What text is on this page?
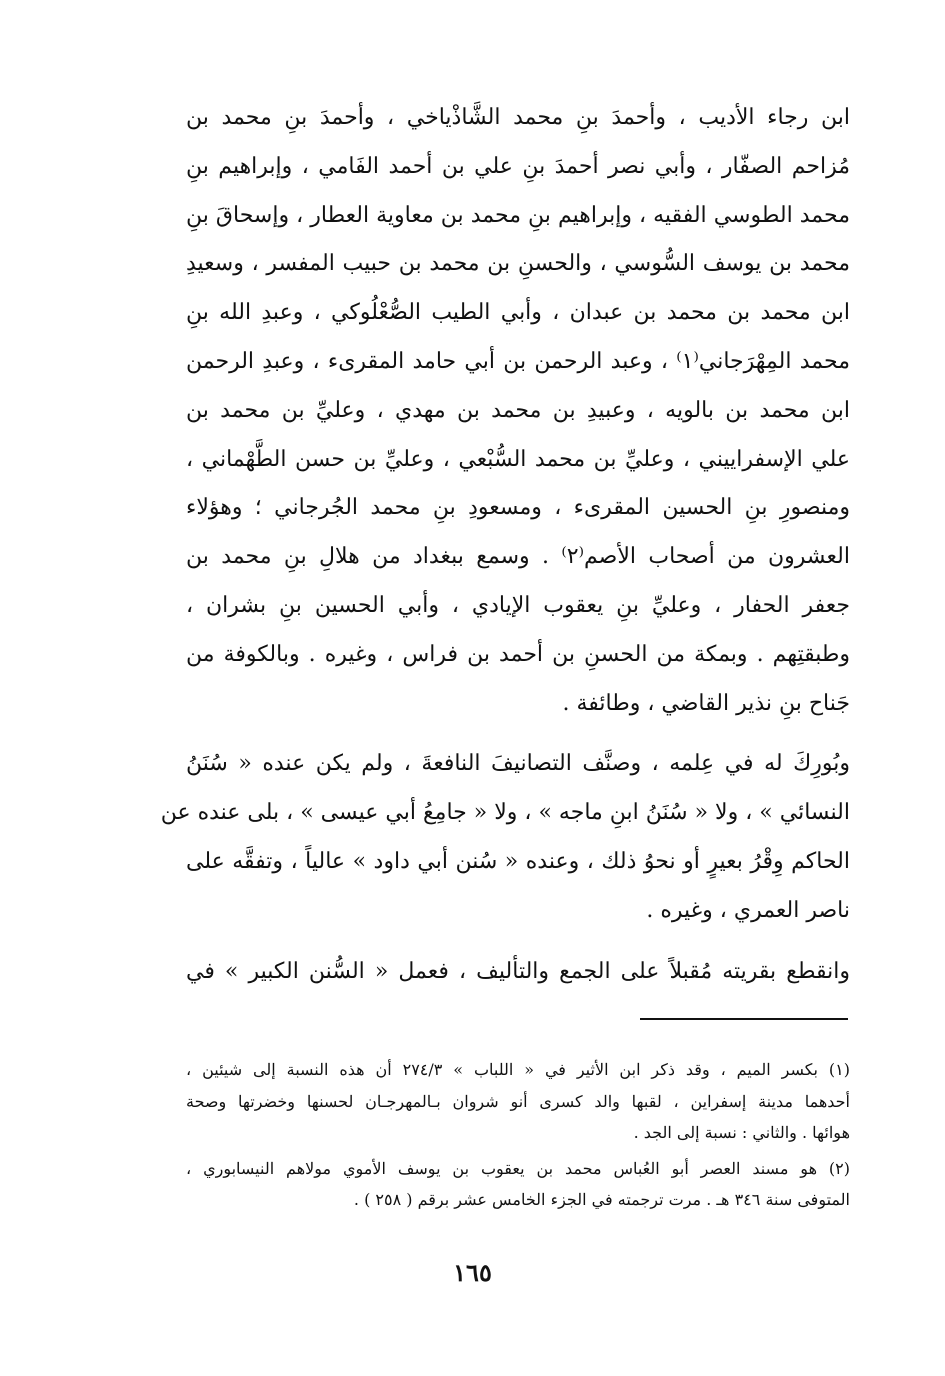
ابن رجاء الأديب ، وأحمدَ بنِ محمد الشَّاذْياخي ، وأحمدَ بنِ محمد بن
مُزاحم الصفّار ، وأبي نصر أحمدَ بنِ علي بن أحمد الفَامي ، وإبراهيم بنِ
محمد الطوسي الفقيه ، وإبراهيم بنِ محمد بن معاوية العطار ، وإسحاقَ بنِ
محمد بن يوسف السُّوسي ، والحسنِ بن محمد بن حبيب المفسر ، وسعيدِ
ابن محمد بن محمد بن عبدان ، وأبي الطيب الصُّعْلُوكي ، وعبدِ الله بنِ
محمد المِهْرَجاني⁽١⁾ ، وعبد الرحمن بن أبي حامد المقرىء ، وعبدِ الرحمن
ابن محمد بن بالويه ، وعبيدِ بن محمد بن مهدي ، وعليِّ بن محمد بن
علي الإسفراييني ، وعليِّ بن محمد السُّبْعي ، وعليِّ بن حسن الطَّهْماني ،
ومنصورِ بنِ الحسين المقرىء ، ومسعودِ بنِ محمد الجُرجاني ؛ وهؤلاء
العشرون من أصحاب الأصم⁽٢⁾ . وسمع ببغداد من هلالِ بنِ محمد بن
جعفر الحفار ، وعليِّ بنِ يعقوب الإيادي ، وأبي الحسين بنِ بشران ،
وطبقتِهم . وبمكة من الحسنِ بن أحمد بن فراس ، وغيره . وبالكوفة من
جَناح بنِ نذير القاضي ، وطائفة .
وبُورِكَ له في عِلمه ، وصنَّف التصانيفَ النافعةَ ، ولم يكن عنده « سُنَنُ
النسائي » ، ولا « سُنَنُ ابنِ ماجه » ، ولا « جامِعُ أبي عيسى » ، بلى عنده عن
الحاكم وِقْرُ بعيرٍ أو نحوُ ذلك ، وعنده « سُنن أبي داود » عالياً ، وتفقَّه على
ناصر العمري ، وغيره .
وانقطع بقريته مُقبلاً على الجمع والتأليف ، فعمل « السُّنن الكبير » في
(١) بكسر الميم ، وقد ذكر ابن الأثير في « اللباب » ٢٧٤/٣ أن هذه النسبة إلى شيئين ،
أحدهما مدينة إسفراين ، لقبها والد كسرى أنو شروان بـالمهرجـان لحسنها وخضرتها وصحة
هوائها . والثاني : نسبة إلى الجد .
(٢) هو مسند العصر أبو العُباس محمد بن يعقوب بن يوسف الأموي مولاهم النيسابوري ،
المتوفى سنة ٣٤٦ هـ . مرت ترجمته في الجزء الخامس عشر برقم ( ٢٥٨ ) .
١٦٥
